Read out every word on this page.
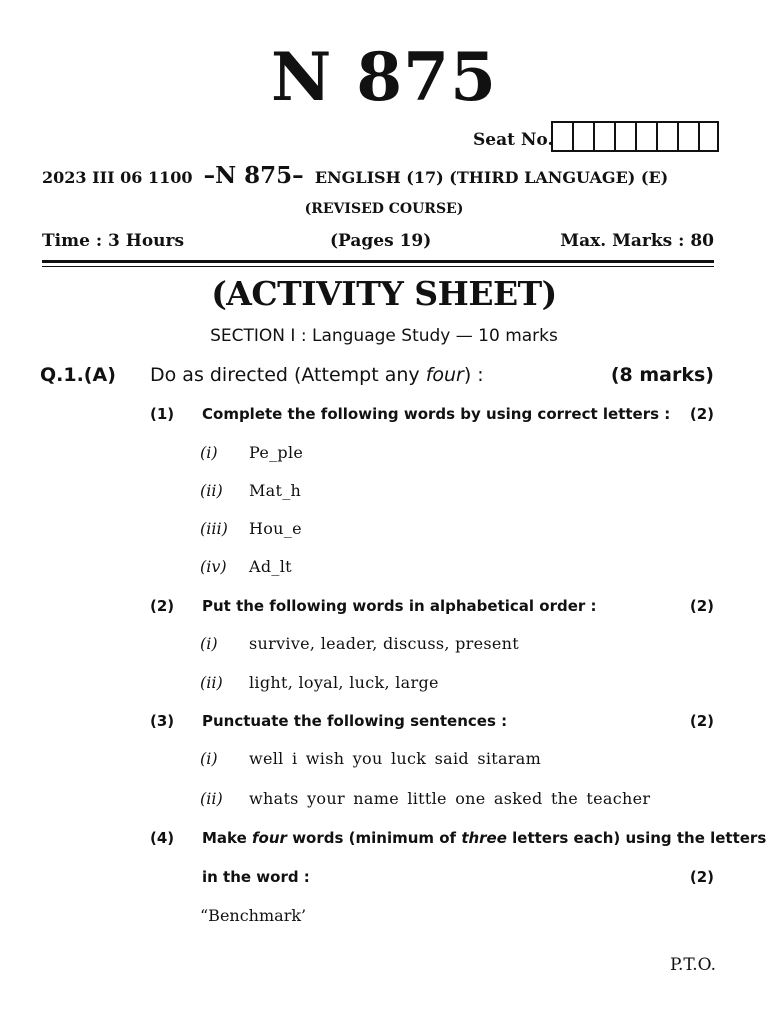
N 875
Seat No.
2023 III 06 1100 –N 875– ENGLISH (17) (THIRD LANGUAGE) (E)
(REVISED COURSE)
Time : 3 Hours	(Pages 19)	Max. Marks : 80
(ACTIVITY SHEET)
SECTION I : Language Study — 10 marks
Q.1.(A) Do as directed (Attempt any four) :	(8 marks)
(1) Complete the following words by using correct letters : (2)
(i) Pe_ple
(ii) Mat_h
(iii) Hou_e
(iv) Ad_lt
(2) Put the following words in alphabetical order :	(2)
(i) survive, leader, discuss, present
(ii) light, loyal, luck, large
(3) Punctuate the following sentences :	(2)
(i) well i wish you luck said sitaram
(ii) whats your name little one asked the teacher
(4) Make four words (minimum of three letters each) using the letters
in the word :	(2)
“Benchmark’
P.T.O.
